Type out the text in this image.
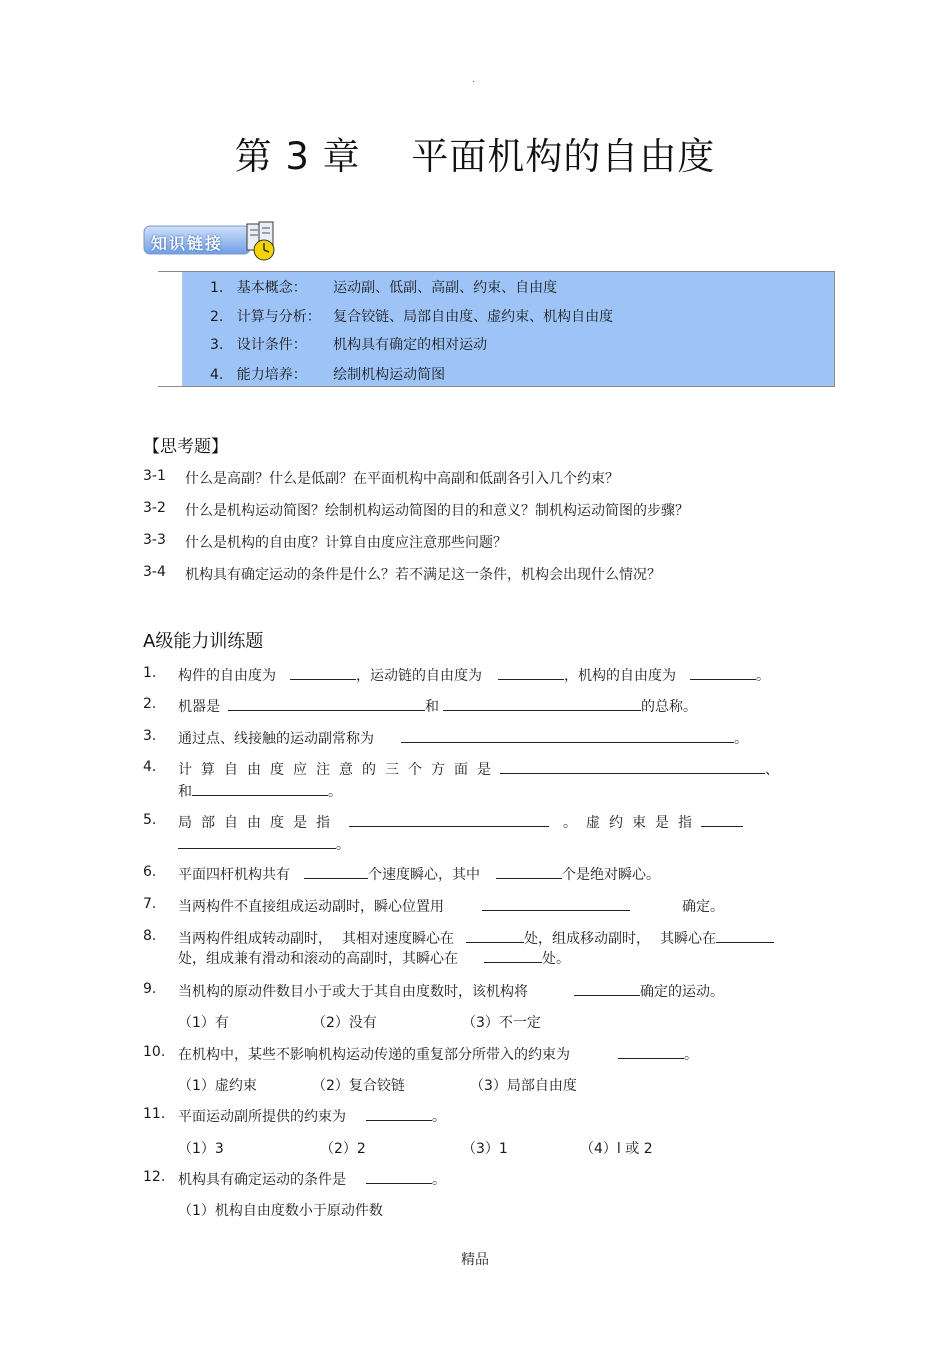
.
第 3 章　 平面机构的自由度
知识链接
1. 基本概念： 运动副、低副、高副、约束、自由度
2. 计算与分析： 复合铰链、局部自由度、虚约束、机构自由度
3. 设计条件： 机构具有确定的相对运动
4. 能力培养： 绘制机构运动简图
【思考题】
3-1 什么是高副？什么是低副？在平面机构中高副和低副各引入几个约束？
3-2 什么是机构运动简图？绘制机构运动简图的目的和意义？制机构运动简图的步骤？
3-3 什么是机构的自由度？计算自由度应注意那些问题？
3-4 机构具有确定运动的条件是什么？若不满足这一条件，机构会出现什么情况？
A级能力训练题
1. 构件的自由度为	，运动链的自由度为	，机构的自由度为	。
2. 机器是	和	的总称。
3. 通过点、线接触的运动副常称为	。
4. 计算自由度应注意的三个方面是	、
和	。
5. 局部自由度是指	。虚约束是指
。
6. 平面四杆机构共有	个速度瞬心，其中	个是绝对瞬心。
7. 当两构件不直接组成运动副时，瞬心位置用	确定。
8. 当两构件组成转动副时， 其相对速度瞬心在	处，组成移动副时， 其瞬心在
处，组成兼有滑动和滚动的高副时，其瞬心在	处。
9. 当机构的原动件数目小于或大于其自由度数时，该机构将	确定的运动。
（1）有	（2）没有	（3）不一定
10. 在机构中，某些不影响机构运动传递的重复部分所带入的约束为	。
（1）虚约束	（2）复合铰链	（3）局部自由度
11. 平面运动副所提供的约束为	。
（1）3	（2）2	（3）1	（4）l 或 2
12. 机构具有确定运动的条件是	。
（1）机构自由度数小于原动件数
精品
